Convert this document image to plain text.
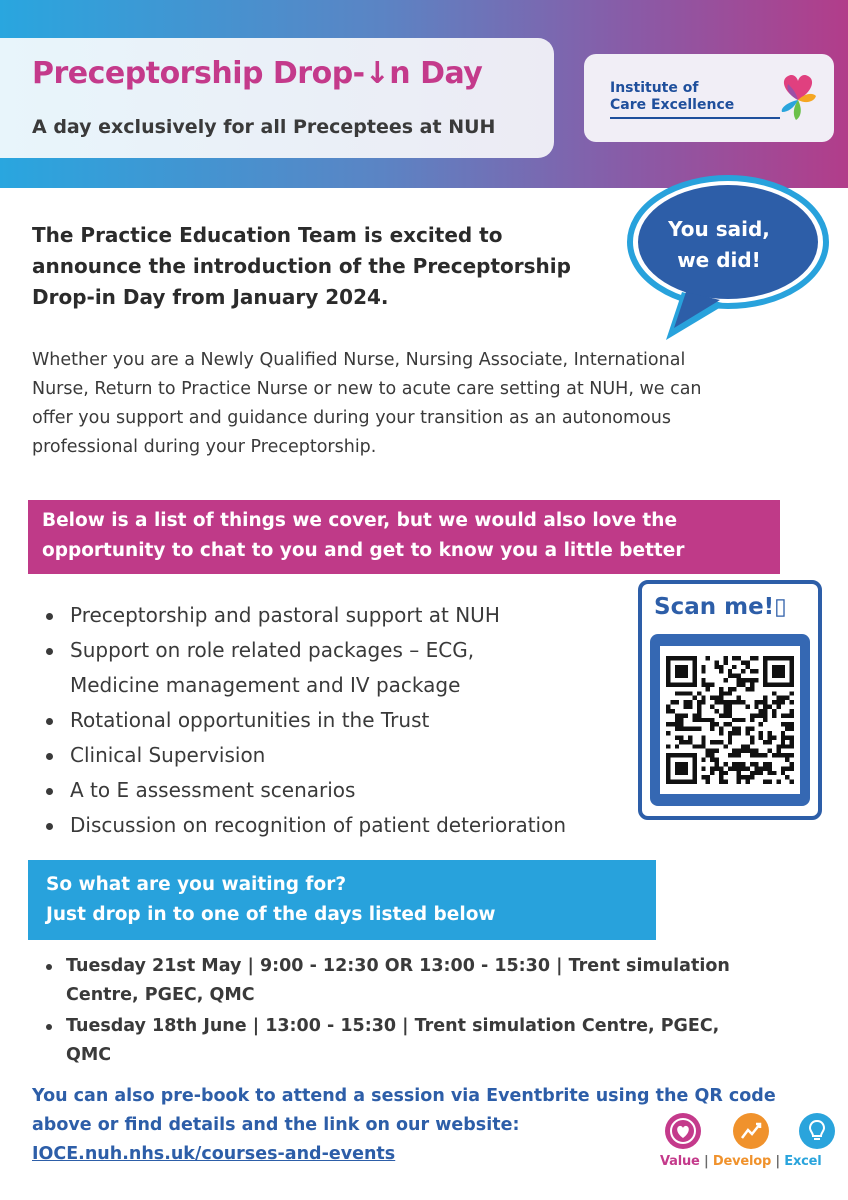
Preceptorship Drop-↓n Day
A day exclusively for all Preceptees at NUH
Institute of
Care Excellence
You said,
we did!
The Practice Education Team is excited to
announce the introduction of the Preceptorship
Drop-in Day from January 2024.
Whether you are a Newly Qualified Nurse, Nursing Associate, International
Nurse, Return to Practice Nurse or new to acute care setting at NUH, we can
offer you support and guidance during your transition as an autonomous
professional during your Preceptorship.
Below is a list of things we cover, but we would also love the
opportunity to chat to you and get to know you a little better
Preceptorship and pastoral support at NUH
Support on role related packages – ECG,
Medicine management and IV package
Rotational opportunities in the Trust
Clinical Supervision
A to E assessment scenarios
Discussion on recognition of patient deterioration
Scan me!▯
So what are you waiting for?
Just drop in to one of the days listed below
Tuesday 21st May | 9:00 - 12:30 OR 13:00 - 15:30 | Trent simulation
Centre, PGEC, QMC
Tuesday 18th June | 13:00 - 15:30 | Trent simulation Centre, PGEC,
QMC
You can also pre-book to attend a session via Eventbrite using the QR code
above or find details and the link on our website:
IOCE.nuh.nhs.uk/courses-and-events	Value | Develop | Excel
